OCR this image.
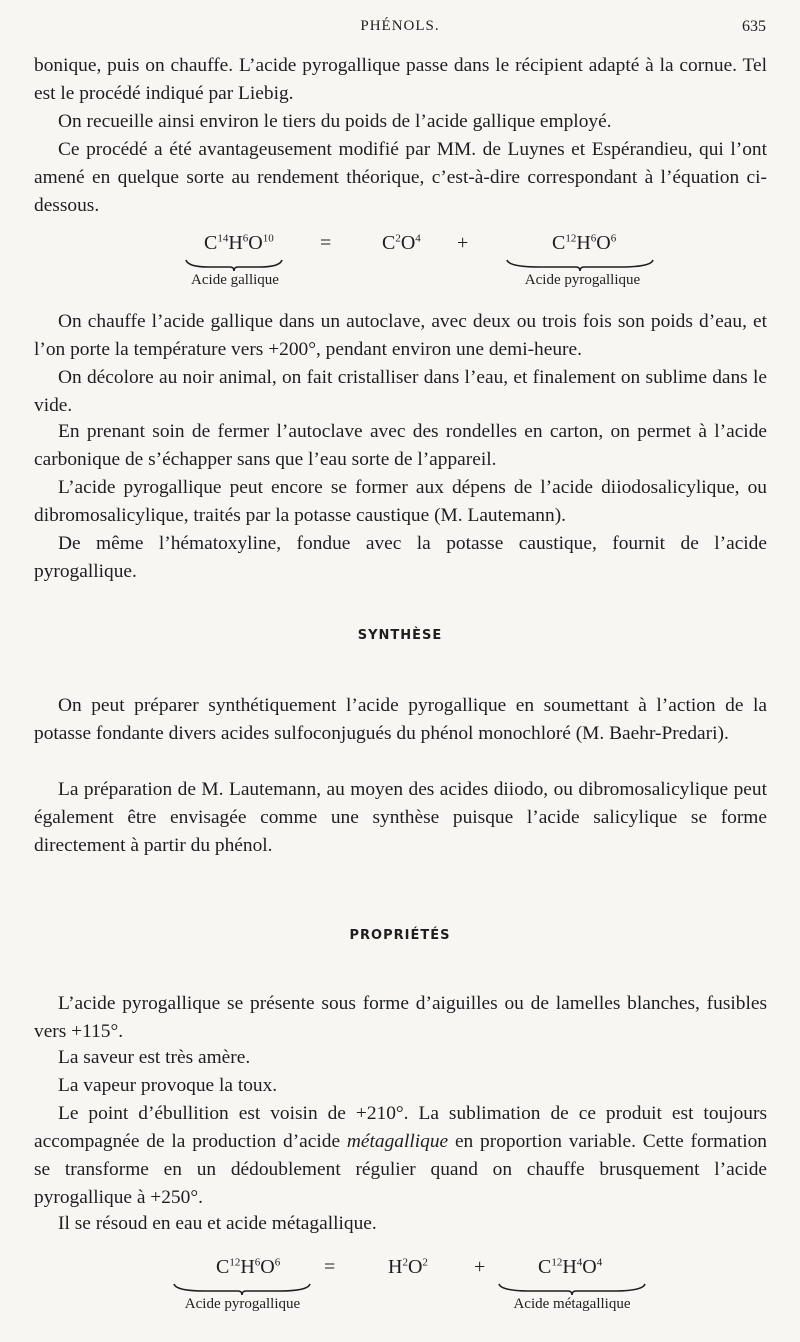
PHÉNOLS.	635

bonique, puis on chauffe. L’acide pyrogallique passe dans le récipient adapté à la cornue. Tel est le procédé indiqué par Liebig.

On recueille ainsi environ le tiers du poids de l’acide gallique employé.

Ce procédé a été avantageusement modifié par MM. de Luynes et Espérandieu, qui l’ont amené en quelque sorte au rendement théorique, c’est-à-dire correspondant à l’équation ci-dessous.

$C^{14}H^6O^{10}$ =	$C^2O^4$ +	$C^{12}H^6O^6$
Acide gallique	Acide pyrogallique

On chauffe l’acide gallique dans un autoclave, avec deux ou trois fois son poids d’eau, et l’on porte la température vers +200°, pendant environ une demi-heure.

On décolore au noir animal, on fait cristalliser dans l’eau, et finalement on sublime dans le vide.

En prenant soin de fermer l’autoclave avec des rondelles en carton, on permet à l’acide carbonique de s’échapper sans que l’eau sorte de l’appareil.

L’acide pyrogallique peut encore se former aux dépens de l’acide diiodosalicylique, ou dibromosalicylique, traités par la potasse caustique (M. Lautemann).

De même l’hématoxyline, fondue avec la potasse caustique, fournit de l’acide pyrogallique.

SYNTHÈSE

On peut préparer synthétiquement l’acide pyrogallique en soumettant à l’action de la potasse fondante divers acides sulfoconjugués du phénol monochloré (M. Baehr-Predari).

La préparation de M. Lautemann, au moyen des acides diiodo, ou dibromosalicylique peut également être envisagée comme une synthèse puisque l’acide salicylique se forme directement à partir du phénol.

PROPRIÉTÉS

L’acide pyrogallique se présente sous forme d’aiguilles ou de lamelles blanches, fusibles vers +115°.

La saveur est très amère.

La vapeur provoque la toux.

Le point d’ébullition est voisin de +210°. La sublimation de ce produit est toujours accompagnée de la production d’acide métagallique en proportion variable. Cette formation se transforme en un dédoublement régulier quand on chauffe brusquement l’acide pyrogallique à +250°.

Il se résoud en eau et acide métagallique.

$C^{12}H^6O^6$ =	$H^2O^2$ +	$C^{12}H^4O^4$
Acide pyrogallique	Acide métagallique
